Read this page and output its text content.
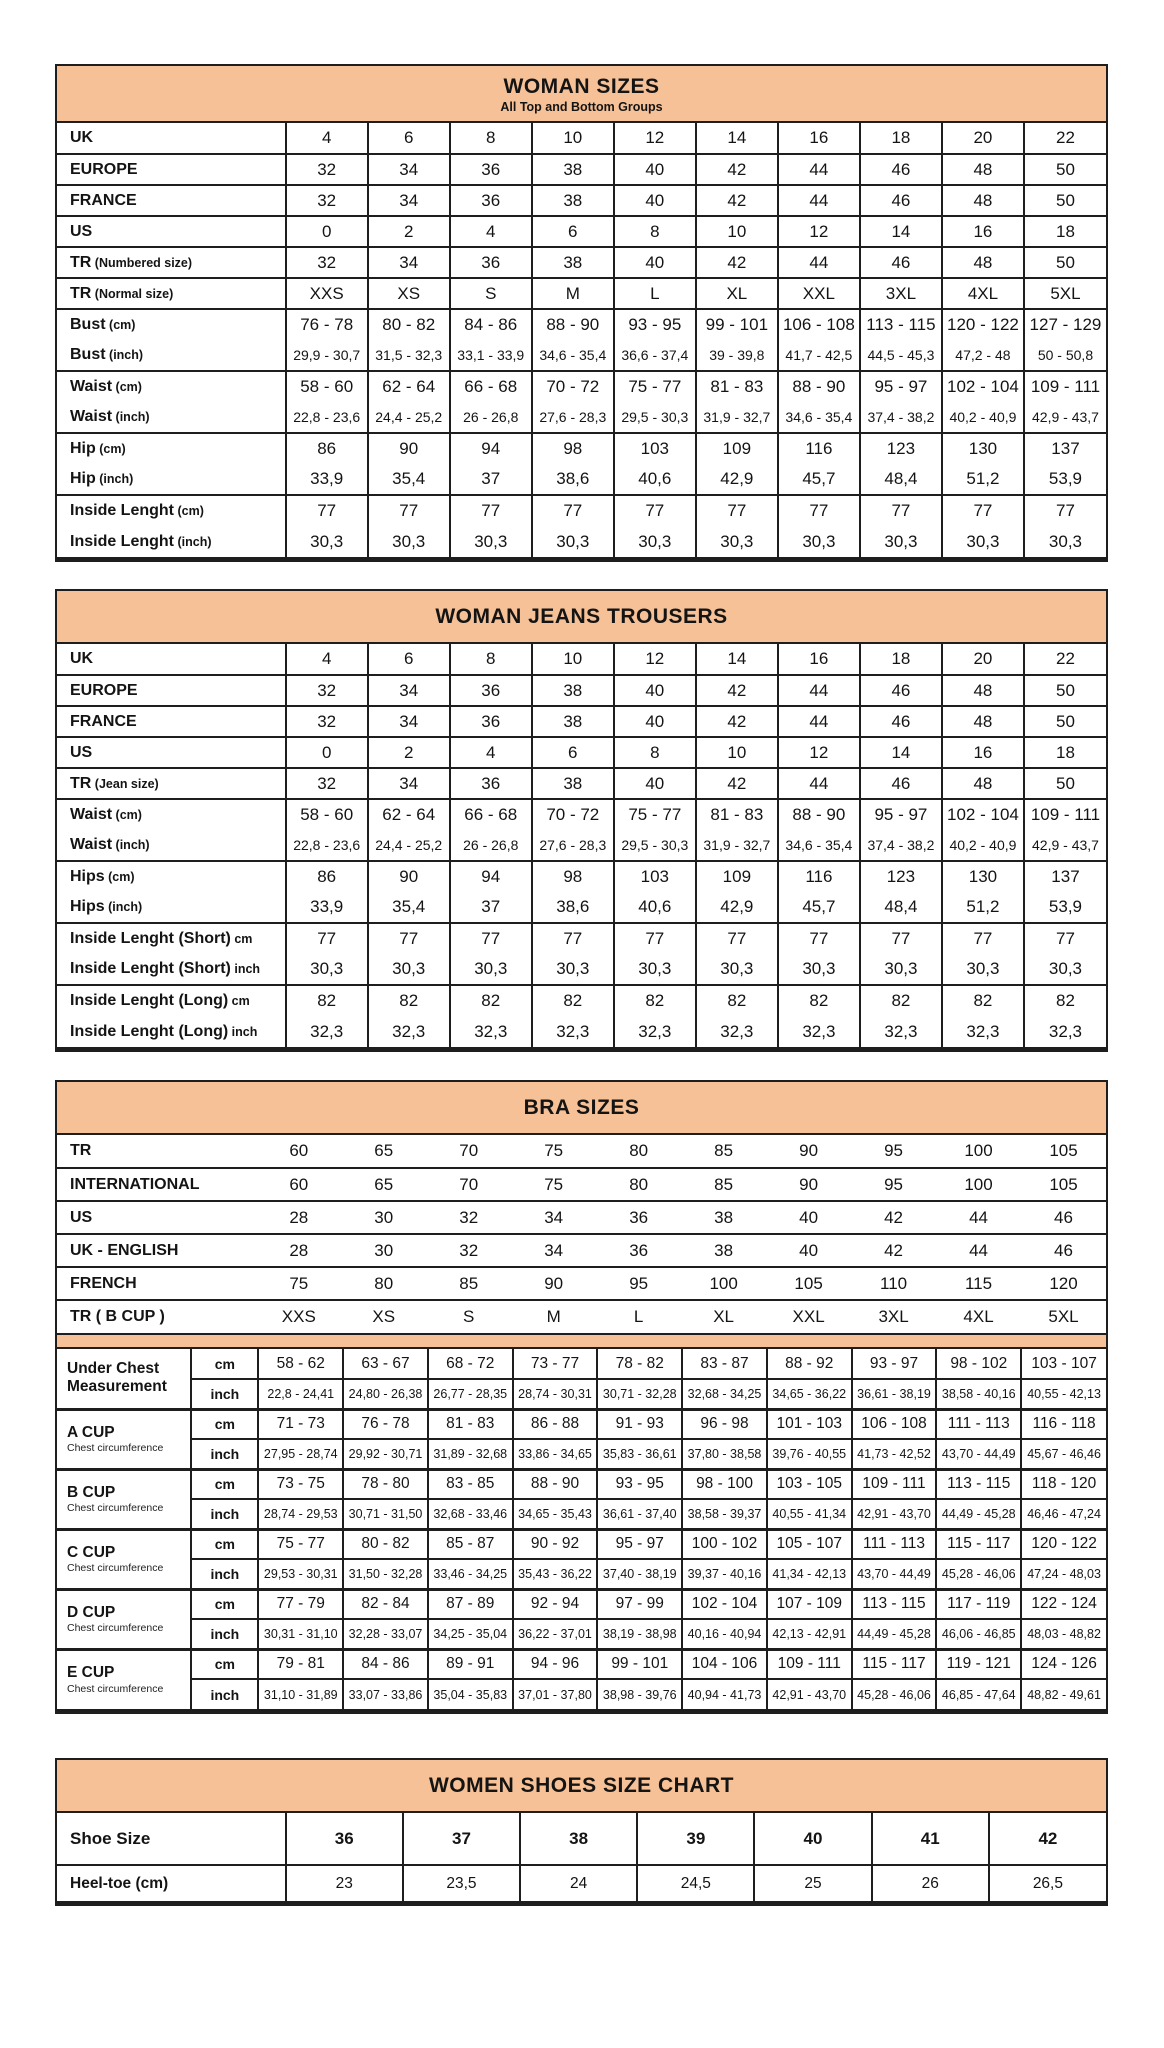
WOMAN SIZES
All Top and Bottom Groups
UK	4	6	8	10	12	14	16	18	20	22
EUROPE	32	34	36	38	40	42	44	46	48	50
FRANCE	32	34	36	38	40	42	44	46	48	50
US	0	2	4	6	8	10	12	14	16	18
TR (Numbered size)	32	34	36	38	40	42	44	46	48	50
TR (Normal size)	XXS	XS	S	M	L	XL	XXL	3XL	4XL	5XL
Bust (cm)	76 - 78	80 - 82	84 - 86	88 - 90	93 - 95	99 - 101	106 - 108	113 - 115	120 - 122	127 - 129
Bust (inch)	29,9 - 30,7	31,5 - 32,3	33,1 - 33,9	34,6 - 35,4	36,6 - 37,4	39 - 39,8	41,7 - 42,5	44,5 - 45,3	47,2 - 48	50 - 50,8
Waist (cm)	58 - 60	62 - 64	66 - 68	70 - 72	75 - 77	81 - 83	88 - 90	95 - 97	102 - 104	109 - 111
Waist (inch)	22,8 - 23,6	24,4 - 25,2	26 - 26,8	27,6 - 28,3	29,5 - 30,3	31,9 - 32,7	34,6 - 35,4	37,4 - 38,2	40,2 - 40,9	42,9 - 43,7
Hip (cm)	86	90	94	98	103	109	116	123	130	137
Hip (inch)	33,9	35,4	37	38,6	40,6	42,9	45,7	48,4	51,2	53,9
Inside Lenght (cm)	77	77	77	77	77	77	77	77	77	77
Inside Lenght (inch)	30,3	30,3	30,3	30,3	30,3	30,3	30,3	30,3	30,3	30,3
WOMAN JEANS TROUSERS
UK	4	6	8	10	12	14	16	18	20	22
EUROPE	32	34	36	38	40	42	44	46	48	50
FRANCE	32	34	36	38	40	42	44	46	48	50
US	0	2	4	6	8	10	12	14	16	18
TR (Jean size)	32	34	36	38	40	42	44	46	48	50
Waist (cm)	58 - 60	62 - 64	66 - 68	70 - 72	75 - 77	81 - 83	88 - 90	95 - 97	102 - 104	109 - 111
Waist (inch)	22,8 - 23,6	24,4 - 25,2	26 - 26,8	27,6 - 28,3	29,5 - 30,3	31,9 - 32,7	34,6 - 35,4	37,4 - 38,2	40,2 - 40,9	42,9 - 43,7
Hips (cm)	86	90	94	98	103	109	116	123	130	137
Hips (inch)	33,9	35,4	37	38,6	40,6	42,9	45,7	48,4	51,2	53,9
Inside Lenght (Short) cm	77	77	77	77	77	77	77	77	77	77
Inside Lenght (Short) inch	30,3	30,3	30,3	30,3	30,3	30,3	30,3	30,3	30,3	30,3
Inside Lenght (Long) cm	82	82	82	82	82	82	82	82	82	82
Inside Lenght (Long) inch	32,3	32,3	32,3	32,3	32,3	32,3	32,3	32,3	32,3	32,3
BRA SIZES
TR	60	65	70	75	80	85	90	95	100	105
INTERNATIONAL	60	65	70	75	80	85	90	95	100	105
US	28	30	32	34	36	38	40	42	44	46
UK - ENGLISH	28	30	32	34	36	38	40	42	44	46
FRENCH	75	80	85	90	95	100	105	110	115	120
TR ( B CUP )	XXS	XS	S	M	L	XL	XXL	3XL	4XL	5XL
Under Chest
Measurement	cm	58 - 62	63 - 67	68 - 72	73 - 77	78 - 82	83 - 87	88 - 92	93 - 97	98 - 102	103 - 107
	inch	22,8 - 24,41	24,80 - 26,38	26,77 - 28,35	28,74 - 30,31	30,71 - 32,28	32,68 - 34,25	34,65 - 36,22	36,61 - 38,19	38,58 - 40,16	40,55 - 42,13

A CUP
Chest circumference	cm	71 - 73	76 - 78	81 - 83	86 - 88	91 - 93	96 - 98	101 - 103	106 - 108	111 - 113	116 - 118
	inch	27,95 - 28,74	29,92 - 30,71	31,89 - 32,68	33,86 - 34,65	35,83 - 36,61	37,80 - 38,58	39,76 - 40,55	41,73 - 42,52	43,70 - 44,49	45,67 - 46,46

B CUP
Chest circumference	cm	73 - 75	78 - 80	83 - 85	88 - 90	93 - 95	98 - 100	103 - 105	109 - 111	113 - 115	118 - 120
	inch	28,74 - 29,53	30,71 - 31,50	32,68 - 33,46	34,65 - 35,43	36,61 - 37,40	38,58 - 39,37	40,55 - 41,34	42,91 - 43,70	44,49 - 45,28	46,46 - 47,24

C CUP
Chest circumference	cm	75 - 77	80 - 82	85 - 87	90 - 92	95 - 97	100 - 102	105 - 107	111 - 113	115 - 117	120 - 122
	inch	29,53 - 30,31	31,50 - 32,28	33,46 - 34,25	35,43 - 36,22	37,40 - 38,19	39,37 - 40,16	41,34 - 42,13	43,70 - 44,49	45,28 - 46,06	47,24 - 48,03

D CUP
Chest circumference	cm	77 - 79	82 - 84	87 - 89	92 - 94	97 - 99	102 - 104	107 - 109	113 - 115	117 - 119	122 - 124
	inch	30,31 - 31,10	32,28 - 33,07	34,25 - 35,04	36,22 - 37,01	38,19 - 38,98	40,16 - 40,94	42,13 - 42,91	44,49 - 45,28	46,06 - 46,85	48,03 - 48,82

E CUP
Chest circumference	cm	79 - 81	84 - 86	89 - 91	94 - 96	99 - 101	104 - 106	109 - 111	115 - 117	119 - 121	124 - 126
	inch	31,10 - 31,89	33,07 - 33,86	35,04 - 35,83	37,01 - 37,80	38,98 - 39,76	40,94 - 41,73	42,91 - 43,70	45,28 - 46,06	46,85 - 47,64	48,82 - 49,61
WOMEN SHOES SIZE CHART
Shoe Size	36	37	38	39	40	41	42
Heel-toe (cm)	23	23,5	24	24,5	25	26	26,5
